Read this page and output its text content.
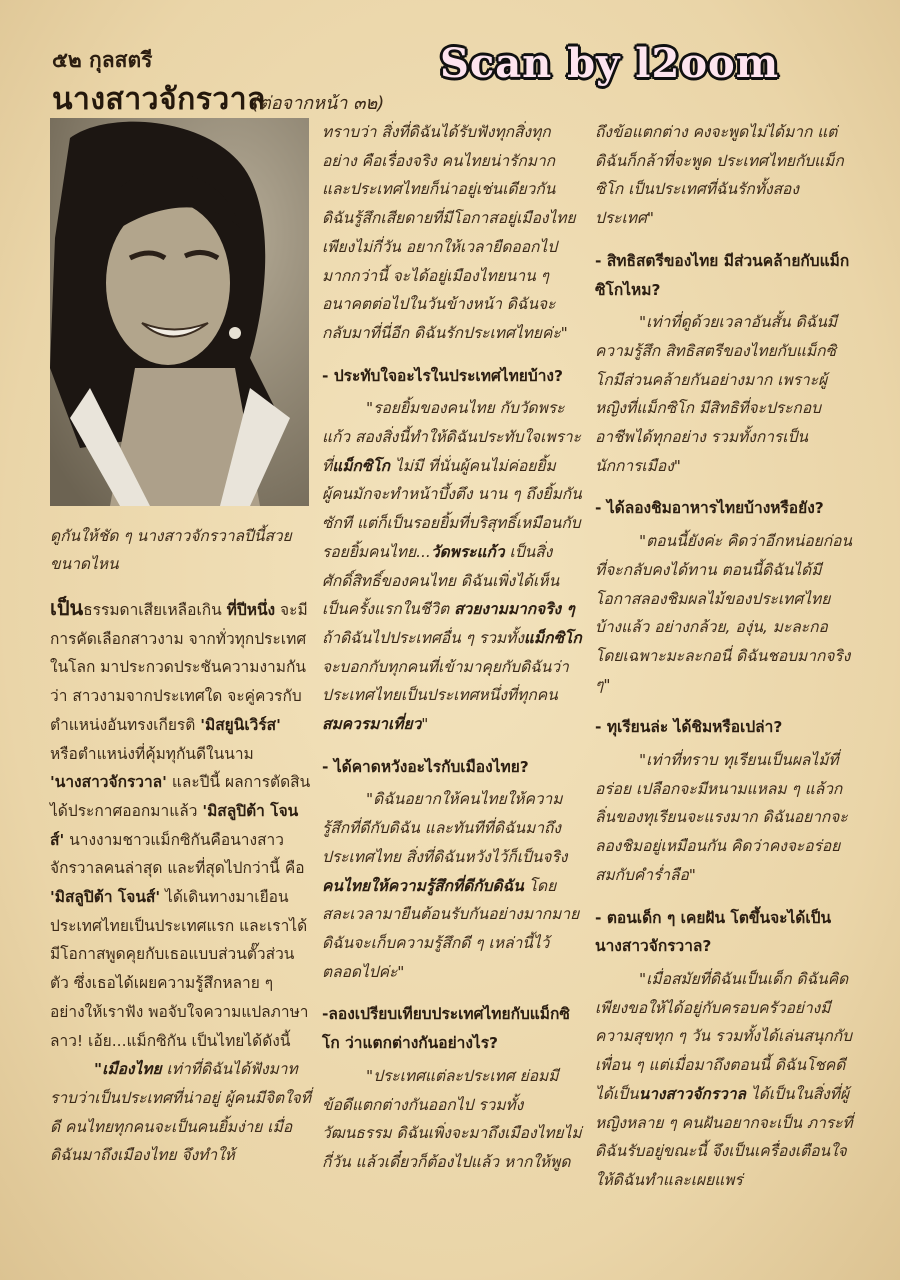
๕๒ กุลสตรี
นางสาวจักรวาล
(ต่อจากหน้า ๓๒)
Scan by l2oom
ดูกันให้ชัด ๆ นางสาวจักรวาลปีนี้สวยขนาดไหน

เป็นธรรมดาเสียเหลือเกิน ที่ปีหนึ่ง จะมีการคัดเลือกสาวงาม จากทั่วทุกประเทศในโลก มาประกวดประชันความงามกัน ว่า สาวงามจากประเทศใด จะคู่ควรกับตำแหน่งอันทรงเกียรติ 'มิสยูนิเวิร์ส' หรือตำแหน่งที่คุ้มทุกันดีในนาม 'นางสาวจักรวาล' และปีนี้ ผลการตัดสินได้ประกาศออกมาแล้ว 'มิสลูปิต้า โจนส์' นางงามชาวแม็กซิกันคือนางสาวจักรวาลคนล่าสุด และที่สุดไปกว่านี้ คือ 'มิสลูปิต้า โจนส์' ได้เดินทางมาเยือนประเทศไทยเป็นประเทศแรก และเราได้มีโอกาสพูดคุยกับเธอแบบส่วนตั๊วส่วนตัว ซึ่งเธอได้เผยความรู้สึกหลาย ๆ อย่างให้เราฟัง พอจับใจความแปลภาษาลาว! เอ้ย...แม็กซิกัน เป็นไทยได้ดังนี้

"เมืองไทย เท่าที่ดิฉันได้ฟังมาทราบว่าเป็นประเทศที่น่าอยู่ ผู้คนมีจิตใจที่ดี คนไทยทุกคนจะเป็นคนยิ้มง่าย เมื่อดิฉันมาถึงเมืองไทย จึงทำให้

ทราบว่า สิ่งที่ดิฉันได้รับฟังทุกสิ่งทุกอย่าง คือเรื่องจริง คนไทยน่ารักมากและประเทศไทยก็น่าอยู่เช่นเดียวกัน ดิฉันรู้สึกเสียดายที่มีโอกาสอยู่เมืองไทยเพียงไม่กี่วัน อยากให้เวลายืดออกไปมากกว่านี้ จะได้อยู่เมืองไทยนาน ๆ อนาคตต่อไปในวันข้างหน้า ดิฉันจะกลับมาที่นี่อีก ดิฉันรักประเทศไทยค่ะ"

- ประทับใจอะไรในประเทศไทยบ้าง?

"รอยยิ้มของคนไทย กับวัดพระแก้ว สองสิ่งนี้ทำให้ดิฉันประทับใจเพราะที่แม็กซิโก ไม่มี ที่นั่นผู้คนไม่ค่อยยิ้ม ผู้คนมักจะทำหน้าบึ้งตึง นาน ๆ ถึงยิ้มกันซักที แต่ก็เป็นรอยยิ้มที่บริสุทธิ์เหมือนกับรอยยิ้มคนไทย...วัดพระแก้ว เป็นสิ่งศักดิ์สิทธิ์ของคนไทย ดิฉันเพิ่งได้เห็นเป็นครั้งแรกในชีวิต สวยงามมากจริง ๆ ถ้าดิฉันไปประเทศอื่น ๆ รวมทั้งแม็กซิโก จะบอกกับทุกคนที่เข้ามาคุยกับดิฉันว่า ประเทศไทยเป็นประเทศหนึ่งที่ทุกคนสมควรมาเที่ยว"

- ได้คาดหวังอะไรกับเมืองไทย?

"ดิฉันอยากให้คนไทยให้ความรู้สึกที่ดีกับดิฉัน และทันทีที่ดิฉันมาถึงประเทศไทย สิ่งที่ดิฉันหวังไว้ก็เป็นจริง คนไทยให้ความรู้สึกที่ดีกับดิฉัน โดยสละเวลามายืนต้อนรับกันอย่างมากมาย ดิฉันจะเก็บความรู้สึกดี ๆ เหล่านี้ไว้ตลอดไปค่ะ"

-ลองเปรียบเทียบประเทศไทยกับแม็กซิโก ว่าแตกต่างกันอย่างไร?

"ประเทศแต่ละประเทศ ย่อมมีข้อดีแตกต่างกันออกไป รวมทั้งวัฒนธรรม ดิฉันเพิ่งจะมาถึงเมืองไทยไม่กี่วัน แล้วเดี๋ยวก็ต้องไปแล้ว หากให้พูด

ถึงข้อแตกต่าง คงจะพูดไม่ได้มาก แต่ดิฉันก็กล้าที่จะพูด ประเทศไทยกับแม็กซิโก เป็นประเทศที่ฉันรักทั้งสองประเทศ"

- สิทธิสตรีของไทย มีส่วนคล้ายกับแม็กซิโกไหม?

"เท่าที่ดูด้วยเวลาอันสั้น ดิฉันมีความรู้สึก สิทธิสตรีของไทยกับแม็กซิโกมีส่วนคล้ายกันอย่างมาก เพราะผู้หญิงที่แม็กซิโก มีสิทธิที่จะประกอบอาชีพได้ทุกอย่าง รวมทั้งการเป็นนักการเมือง"

- ได้ลองชิมอาหารไทยบ้างหรือยัง?

"ตอนนี้ยังค่ะ คิดว่าอีกหน่อยก่อนที่จะกลับคงได้ทาน ตอนนี้ดิฉันได้มีโอกาสลองชิมผลไม้ของประเทศไทยบ้างแล้ว อย่างกล้วย, องุ่น, มะละกอ โดยเฉพาะมะละกอนี่ ดิฉันชอบมากจริง ๆ"

- ทุเรียนล่ะ ได้ชิมหรือเปล่า?

"เท่าที่ทราบ ทุเรียนเป็นผลไม้ที่อร่อย เปลือกจะมีหนามแหลม ๆ แล้วกลิ่นของทุเรียนจะแรงมาก ดิฉันอยากจะลองชิมอยู่เหมือนกัน คิดว่าคงจะอร่อยสมกับคำร่ำลือ"

- ตอนเด็ก ๆ เคยฝัน โตขึ้นจะได้เป็นนางสาวจักรวาล?

"เมื่อสมัยที่ดิฉันเป็นเด็ก ดิฉันคิดเพียงขอให้ได้อยู่กับครอบครัวอย่างมีความสุขทุก ๆ วัน รวมทั้งได้เล่นสนุกกับเพื่อน ๆ แต่เมื่อมาถึงตอนนี้ ดิฉันโชคดีได้เป็นนางสาวจักรวาล ได้เป็นในสิ่งที่ผู้หญิงหลาย ๆ คนฝันอยากจะเป็น ภาระที่ดิฉันรับอยู่ขณะนี้ จึงเป็นเครื่องเตือนใจให้ดิฉันทำและเผยแพร่
